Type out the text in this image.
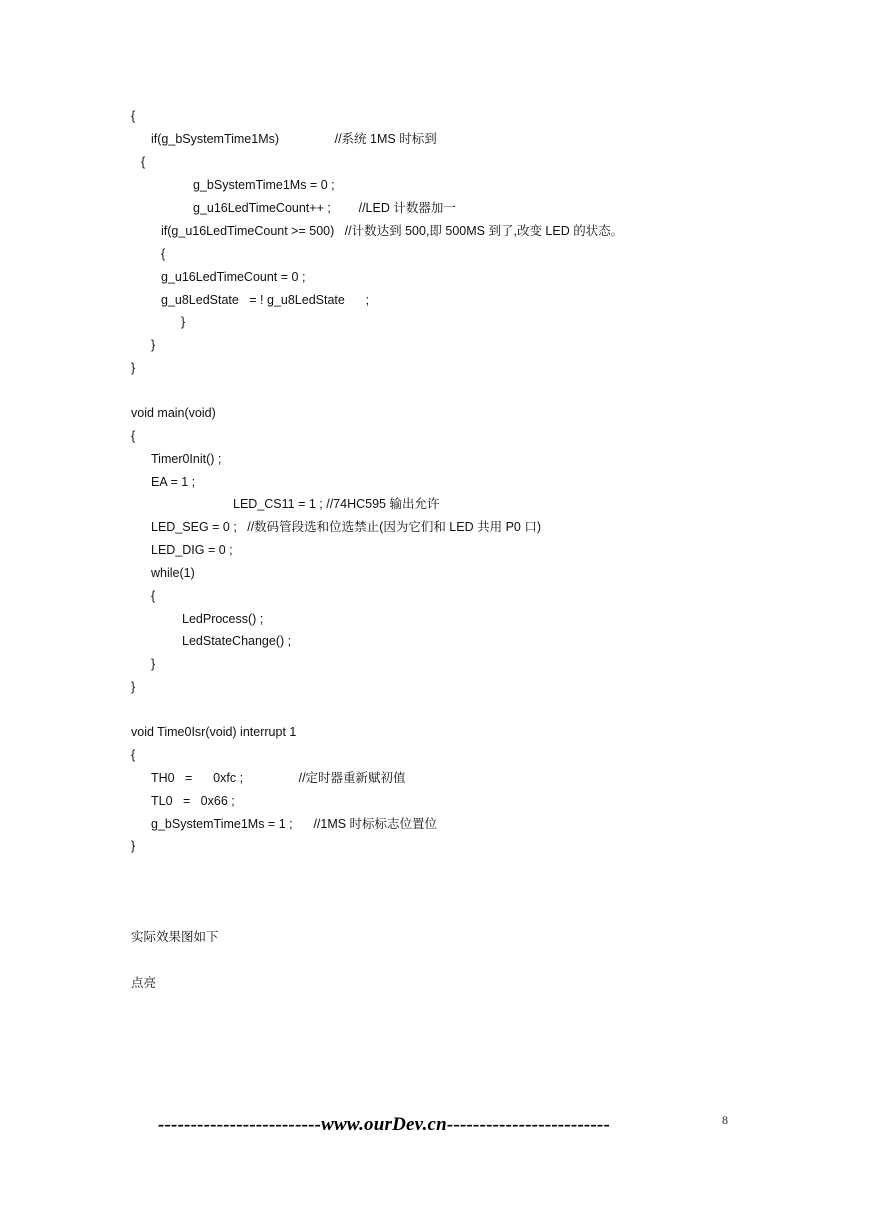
{
if(g_bSystemTime1Ms)                //系统 1MS 时标到
{
g_bSystemTime1Ms = 0 ;
g_u16LedTimeCount++ ;        //LED 计数器加一
if(g_u16LedTimeCount >= 500)   //计数达到 500,即 500MS 到了,改变 LED 的状态。
{
g_u16LedTimeCount = 0 ;
g_u8LedState   = ! g_u8LedState      ;
}
}
}
void main(void)
{
Timer0Init() ;
EA = 1 ;
LED_CS11 = 1 ; //74HC595 输出允许
LED_SEG = 0 ;   //数码管段选和位选禁止(因为它们和 LED 共用 P0 口)
LED_DIG = 0 ;
while(1)
{
LedProcess() ;
LedStateChange() ;
}
}
void Time0Isr(void) interrupt 1
{
TH0   =      0xfc ;                //定时器重新赋初值
TL0   =   0x66 ;
g_bSystemTime1Ms = 1 ;      //1MS 时标标志位置位
}
实际效果图如下
点亮
-------------------------www.ourDev.cn-------------------------	8
